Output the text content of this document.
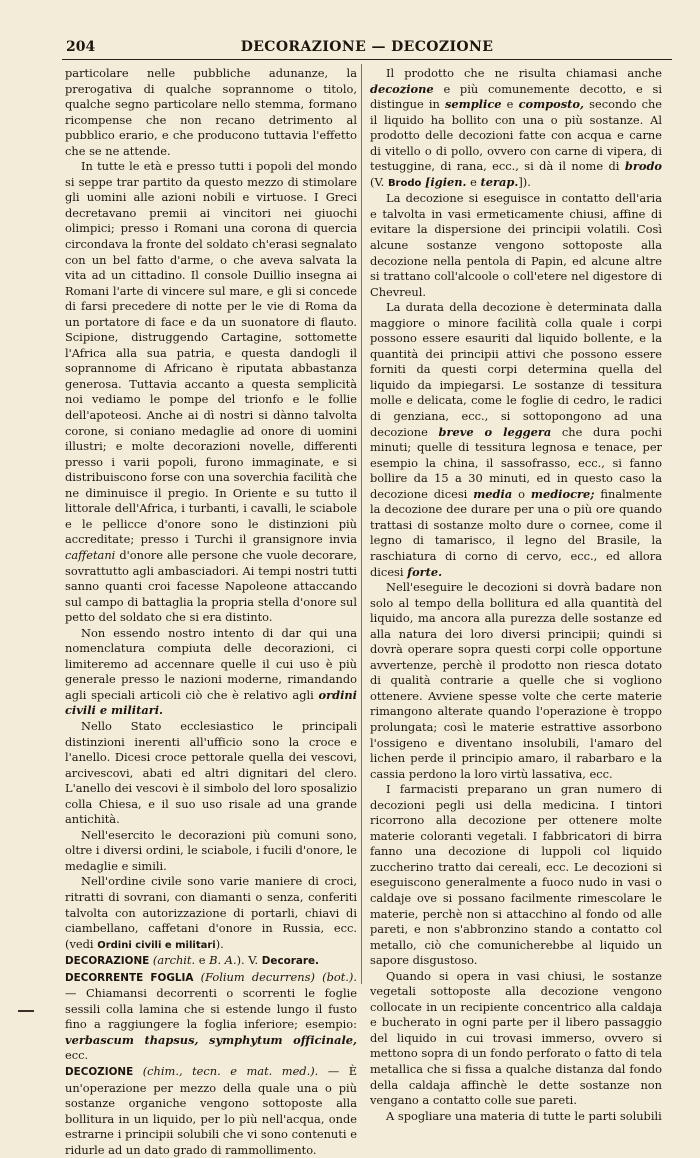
204	DECORAZIONE — DECOZIONE

particolare nelle pubbliche adunanze, la prerogativa di qualche soprannome o titolo, qualche segno particolare nello stemma, formano ricompense che non recano detrimento al pubblico erario, e che producono tuttavia l'effetto che se ne attende.

In tutte le età e presso tutti i popoli del mondo si seppe trar partito da questo mezzo di stimolare gli uomini alle azioni nobili e virtuose. I Greci decretavano premii ai vincitori nei giuochi olimpici; presso i Romani una corona di quercia circondava la fronte del soldato ch'erasi segnalato con un bel fatto d'arme, o che aveva salvata la vita ad un cittadino. Il console Duillio insegna ai Romani l'arte di vincere sul mare, e gli si concede di farsi precedere di notte per le vie di Roma da un portatore di face e da un suonatore di flauto. Scipione, distruggendo Cartagine, sottomette l'Africa alla sua patria, e questa dandogli il soprannome di Africano è riputata abbastanza generosa. Tuttavia accanto a questa semplicità noi vediamo le pompe del trionfo e le follie dell'apoteosi. Anche ai dì nostri si dànno talvolta corone, si coniano medaglie ad onore di uomini illustri; e molte decorazioni novelle, differenti presso i varii popoli, furono immaginate, e si distribuiscono forse con una soverchia facilità che ne diminuisce il pregio. In Oriente e su tutto il littorale dell'Africa, i turbanti, i cavalli, le sciabole e le pellicce d'onore sono le distinzioni più accreditate; presso i Turchi il gransignore invia caffetani d'onore alle persone che vuole decorare, sovrattutto agli ambasciadori. Ai tempi nostri tutti sanno quanti croi facesse Napoleone attaccando sul campo di battaglia la propria stella d'onore sul petto del soldato che si era distinto.

Non essendo nostro intento di dar qui una nomenclatura compiuta delle decorazioni, ci limiteremo ad accennare quelle il cui uso è più generale presso le nazioni moderne, rimandando agli speciali articoli ciò che è relativo agli ordini civili e militari.

Nello Stato ecclesiastico le principali distinzioni inerenti all'ufficio sono la croce e l'anello. Dicesi croce pettorale quella dei vescovi, arcivescovi, abati ed altri dignitari del clero. L'anello dei vescovi è il simbolo del loro sposalizio colla Chiesa, e il suo uso risale ad una grande antichità.

Nell'esercito le decorazioni più comuni sono, oltre i diversi ordini, le sciabole, i fucili d'onore, le medaglie e simili.

Nell'ordine civile sono varie maniere di croci, ritratti di sovrani, con diamanti o senza, conferiti talvolta con autorizzazione di portarli, chiavi di ciambellano, caffetani d'onore in Russia, ecc. (vedi Ordini civili e militari).

DECORAZIONE (archit. e B. A.). V. Decorare.

DECORRENTE FOGLIA (Folium decurrens) (bot.). — Chiamansi decorrenti o scorrenti le foglie sessili colla lamina che si estende lungo il fusto fino a raggiungere la foglia inferiore; esempio: verbascum thapsus, symphytum officinale, ecc.

DECOZIONE (chim., tecn. e mat. med.). — È un'operazione per mezzo della quale una o più sostanze organiche vengono sottoposte alla bollitura in un liquido, per lo più nell'acqua, onde estrarne i principii solubili che vi sono contenuti e ridurle ad un dato grado di rammollimento.

Il prodotto che ne risulta chiamasi anche decozione e più comunemente decotto, e si distingue in semplice e composto, secondo che il liquido ha bollito con una o più sostanze. Al prodotto delle decozioni fatte con acqua e carne di vitello o di pollo, ovvero con carne di vipera, di testuggine, di rana, ecc., si dà il nome di brodo (V. Brodo [igien. e terap.]).

La decozione si eseguisce in contatto dell'aria e talvolta in vasi ermeticamente chiusi, affine di evitare la dispersione dei principii volatili. Così alcune sostanze vengono sottoposte alla decozione nella pentola di Papin, ed alcune altre si trattano coll'alcoole o coll'etere nel digestore di Chevreul.

La durata della decozione è determinata dalla maggiore o minore facilità colla quale i corpi possono essere esauriti dal liquido bollente, e la quantità dei principii attivi che possono essere forniti da questi corpi determina quella del liquido da impiegarsi. Le sostanze di tessitura molle e delicata, come le foglie di cedro, le radici di genziana, ecc., si sottopongono ad una decozione breve o leggera che dura pochi minuti; quelle di tessitura legnosa e tenace, per esempio la china, il sassofrasso, ecc., si fanno bollire da 15 a 30 minuti, ed in questo caso la decozione dicesi media o mediocre; finalmente la decozione dee durare per una o più ore quando trattasi di sostanze molto dure o cornee, come il legno di tamarisco, il legno del Brasile, la raschiatura di corno di cervo, ecc., ed allora dicesi forte.

Nell'eseguire le decozioni si dovrà badare non solo al tempo della bollitura ed alla quantità del liquido, ma ancora alla purezza delle sostanze ed alla natura dei loro diversi principii; quindi si dovrà operare sopra questi corpi colle opportune avvertenze, perchè il prodotto non riesca dotato di qualità contrarie a quelle che si vogliono ottenere. Avviene spesse volte che certe materie rimangono alterate quando l'operazione è troppo prolungata; così le materie estrattive assorbono l'ossigeno e diventano insolubili, l'amaro del lichen perde il principio amaro, il rabarbaro e la cassia perdono la loro virtù lassativa, ecc.

I farmacisti preparano un gran numero di decozioni pegli usi della medicina. I tintori ricorrono alla decozione per ottenere molte materie coloranti vegetali. I fabbricatori di birra fanno una decozione di luppoli col liquido zuccherino tratto dai cereali, ecc. Le decozioni si eseguiscono generalmente a fuoco nudo in vasi o caldaje ove si possano facilmente rimescolare le materie, perchè non si attacchino al fondo od alle pareti, e non s'abbronzino stando a contatto col metallo, ciò che comunicherebbe al liquido un sapore disgustoso.

Quando si opera in vasi chiusi, le sostanze vegetali sottoposte alla decozione vengono collocate in un recipiente concentrico alla caldaja e bucherato in ogni parte per il libero passaggio del liquido in cui trovasi immerso, ovvero si mettono sopra di un fondo perforato o fatto di tela metallica che si fissa a qualche distanza dal fondo della caldaja affinchè le dette sostanze non vengano a contatto colle sue pareti.

A spogliare una materia di tutte le parti solubili
